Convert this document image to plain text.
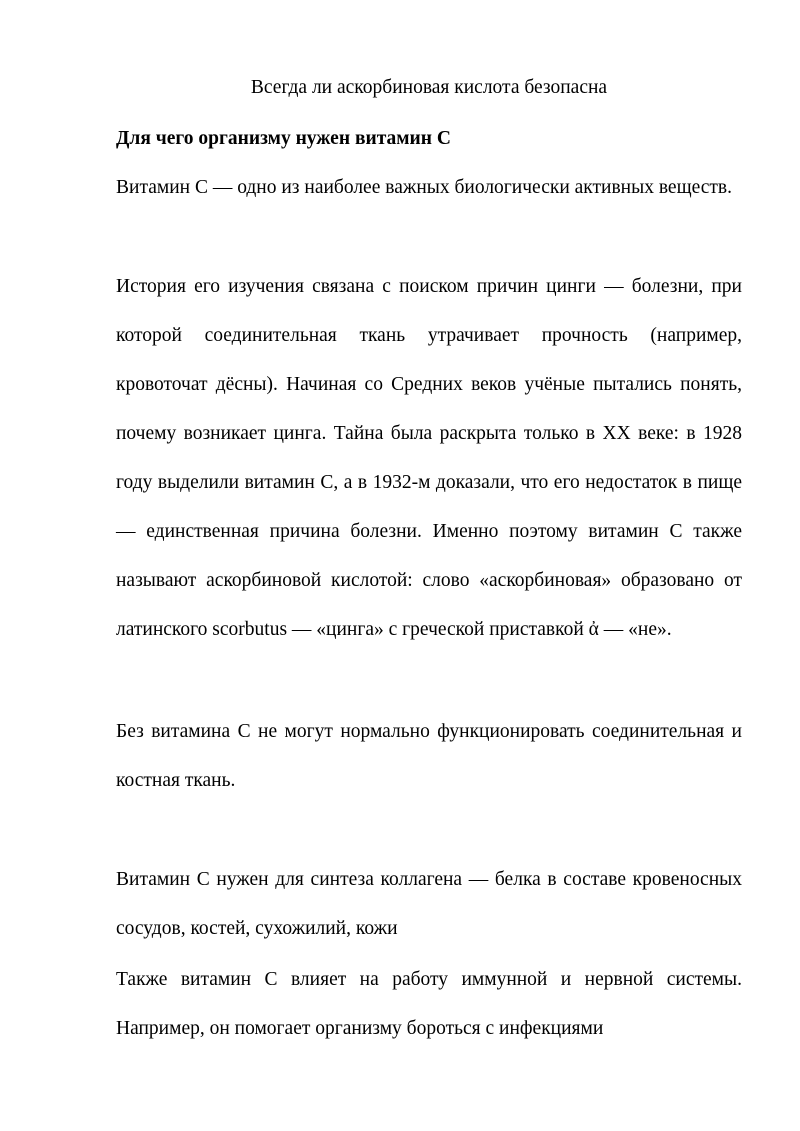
Всегда ли аскорбиновая кислота безопасна
Для чего организму нужен витамин С

Витамин С — одно из наиболее важных биологически активных веществ.

История его изучения связана с поиском причин цинги — болезни, при которой соединительная ткань утрачивает прочность (например, кровоточат дёсны). Начиная со Средних веков учёные пытались понять, почему возникает цинга. Тайна была раскрыта только в XX веке: в 1928 году выделили витамин С, а в 1932-м доказали, что его недостаток в пище — единственная причина болезни. Именно поэтому витамин С также называют аскорбиновой кислотой: слово «аскорбиновая» образовано от латинского scorbutus — «цинга» с греческой приставкой ἀ — «не».

Без витамина С не могут нормально функционировать соединительная и костная ткань.

Витамин С нужен для синтеза коллагена — белка в составе кровеносных сосудов, костей, сухожилий, кожи

Также витамин С влияет на работу иммунной и нервной системы. Например, он помогает организму бороться с инфекциями
